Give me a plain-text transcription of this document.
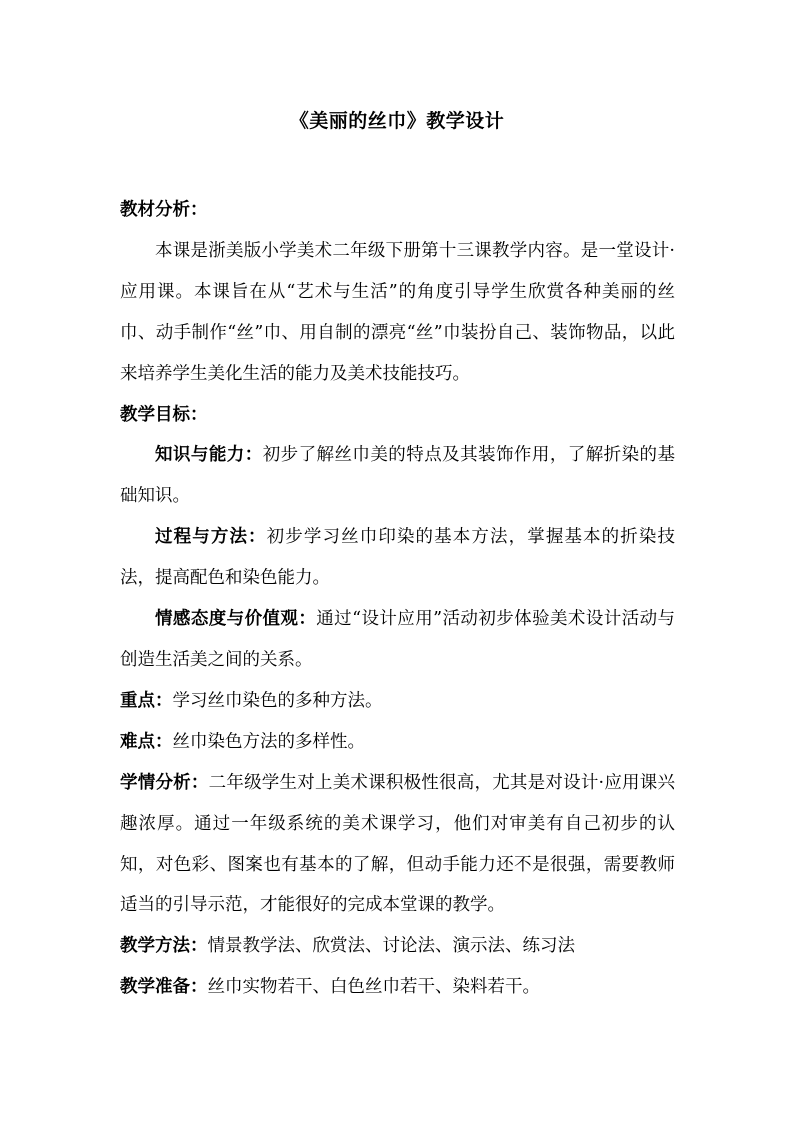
《美丽的丝巾》教学设计

教材分析：

本课是浙美版小学美术二年级下册第十三课教学内容。是一堂设计·应用课。本课旨在从“艺术与生活”的角度引导学生欣赏各种美丽的丝巾、动手制作“丝”巾、用自制的漂亮“丝”巾装扮自己、装饰物品，以此来培养学生美化生活的能力及美术技能技巧。

教学目标：

知识与能力：初步了解丝巾美的特点及其装饰作用，了解折染的基础知识。

过程与方法：初步学习丝巾印染的基本方法，掌握基本的折染技法，提高配色和染色能力。

情感态度与价值观：通过“设计应用”活动初步体验美术设计活动与创造生活美之间的关系。

重点：学习丝巾染色的多种方法。

难点：丝巾染色方法的多样性。

学情分析：二年级学生对上美术课积极性很高，尤其是对设计·应用课兴趣浓厚。通过一年级系统的美术课学习，他们对审美有自己初步的认知，对色彩、图案也有基本的了解，但动手能力还不是很强，需要教师适当的引导示范，才能很好的完成本堂课的教学。

教学方法：情景教学法、欣赏法、讨论法、演示法、练习法

教学准备：丝巾实物若干、白色丝巾若干、染料若干。
